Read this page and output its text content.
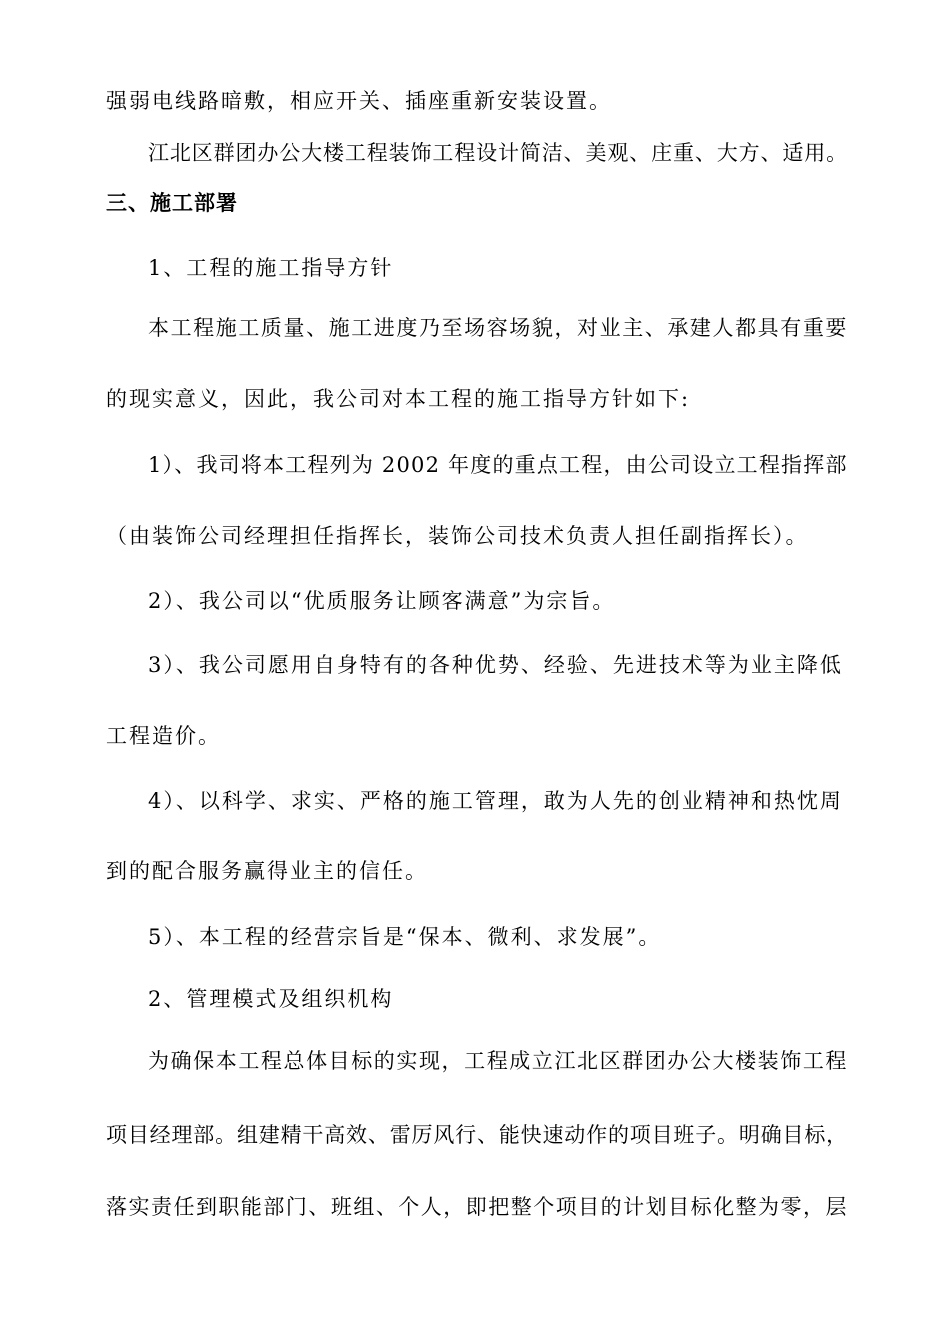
强弱电线路暗敷，相应开关、插座重新安装设置。
江北区群团办公大楼工程装饰工程设计简洁、美观、庄重、大方、适用。
三、施工部署
1、工程的施工指导方针
本工程施工质量、施工进度乃至场容场貌，对业主、承建人都具有重要
的现实意义，因此，我公司对本工程的施工指导方针如下:
1）、我司将本工程列为 2002 年度的重点工程，由公司设立工程指挥部
（由装饰公司经理担任指挥长，装饰公司技术负责人担任副指挥长）。
2）、我公司以“优质服务让顾客满意”为宗旨。
3）、我公司愿用自身特有的各种优势、经验、先进技术等为业主降低
工程造价。
4）、以科学、求实、严格的施工管理，敢为人先的创业精神和热忱周
到的配合服务赢得业主的信任。
5）、本工程的经营宗旨是“保本、微利、求发展”。
2、管理模式及组织机构
为确保本工程总体目标的实现，工程成立江北区群团办公大楼装饰工程
项目经理部。组建精干高效、雷厉风行、能快速动作的项目班子。明确目标，
落实责任到职能部门、班组、个人，即把整个项目的计划目标化整为零，层
